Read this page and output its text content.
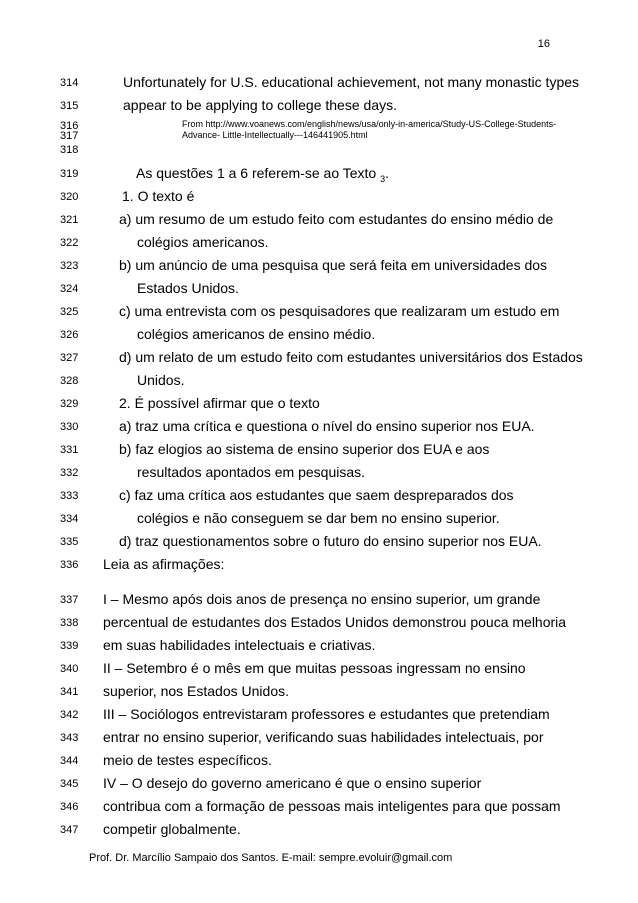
16
314
315
316
317
318
319
320
321
322
323
324
325
326
327
328
329
330
331
332
333
334
335
336
337
338
339
340
341
342
343
344
345
346
347
Unfortunately for U.S. educational achievement, not many monastic types
appear to be applying to college these days.
From http://www.voanews.com/english/news/usa/only-in-america/Study-US-College-Students-
Advance- Little-Intellectually---146441905.html
As questões 1 a 6 referem-se ao Texto $_3$.
1. O texto é
a) um resumo de um estudo feito com estudantes do ensino médio de
colégios americanos.
b) um anúncio de uma pesquisa que será feita em universidades dos
Estados Unidos.
c) uma entrevista com os pesquisadores que realizaram um estudo em
colégios americanos de ensino médio.
d) um relato de um estudo feito com estudantes universitários dos Estados
Unidos.
2. É possível afirmar que o texto
a) traz uma crítica e questiona o nível do ensino superior nos EUA.
b) faz elogios ao sistema de ensino superior dos EUA e aos
resultados apontados em pesquisas.
c) faz uma crítica aos estudantes que saem despreparados dos
colégios e não conseguem se dar bem no ensino superior.
d) traz questionamentos sobre o futuro do ensino superior nos EUA.
Leia as afirmações:
I – Mesmo após dois anos de presença no ensino superior, um grande
percentual de estudantes dos Estados Unidos demonstrou pouca melhoria
em suas habilidades intelectuais e criativas.
II – Setembro é o mês em que muitas pessoas ingressam no ensino
superior, nos Estados Unidos.
III – Sociólogos entrevistaram professores e estudantes que pretendiam
entrar no ensino superior, verificando suas habilidades intelectuais, por
meio de testes específicos.
IV – O desejo do governo americano é que o ensino superior
contribua com a formação de pessoas mais inteligentes para que possam
competir globalmente.
Prof. Dr. Marcílio Sampaio dos Santos. E-mail: sempre.evoluir@gmail.com
